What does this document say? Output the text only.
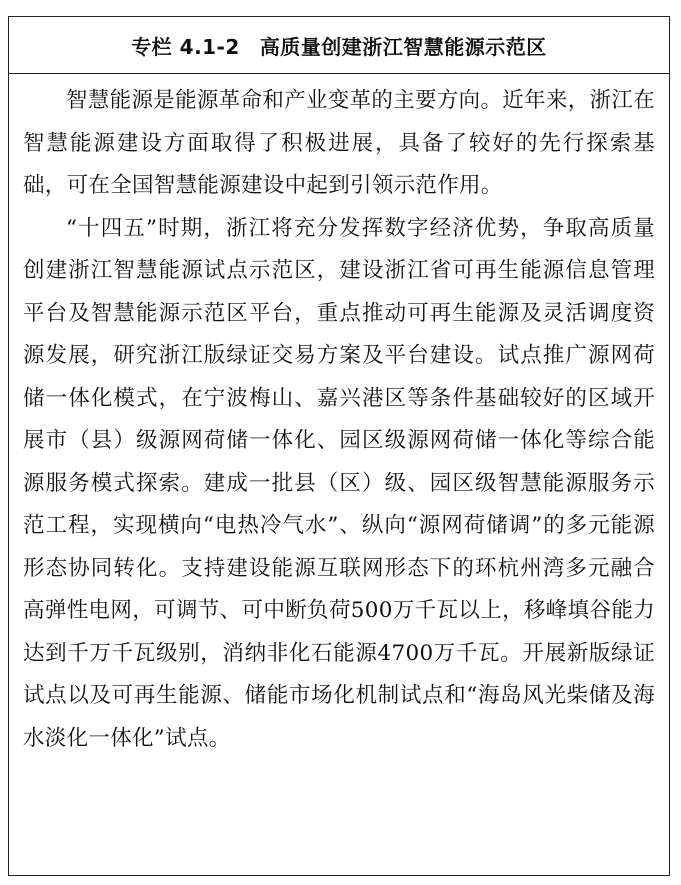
专栏 4.1-2 高质量创建浙江智慧能源示范区

智慧能源是能源革命和产业变革的主要方向。近年来，浙江在智慧能源建设方面取得了积极进展，具备了较好的先行探索基础，可在全国智慧能源建设中起到引领示范作用。

“十四五”时期，浙江将充分发挥数字经济优势，争取高质量创建浙江智慧能源试点示范区，建设浙江省可再生能源信息管理平台及智慧能源示范区平台，重点推动可再生能源及灵活调度资源发展，研究浙江版绿证交易方案及平台建设。试点推广源网荷储一体化模式，在宁波梅山、嘉兴港区等条件基础较好的区域开展市（县）级源网荷储一体化、园区级源网荷储一体化等综合能源服务模式探索。建成一批县（区）级、园区级智慧能源服务示范工程，实现横向“电热冷气水”、纵向“源网荷储调”的多元能源形态协同转化。支持建设能源互联网形态下的环杭州湾多元融合高弹性电网，可调节、可中断负荷500万千瓦以上，移峰填谷能力达到千万千瓦级别，消纳非化石能源4700万千瓦。开展新版绿证试点以及可再生能源、储能市场化机制试点和“海岛风光柴储及海水淡化一体化”试点。
